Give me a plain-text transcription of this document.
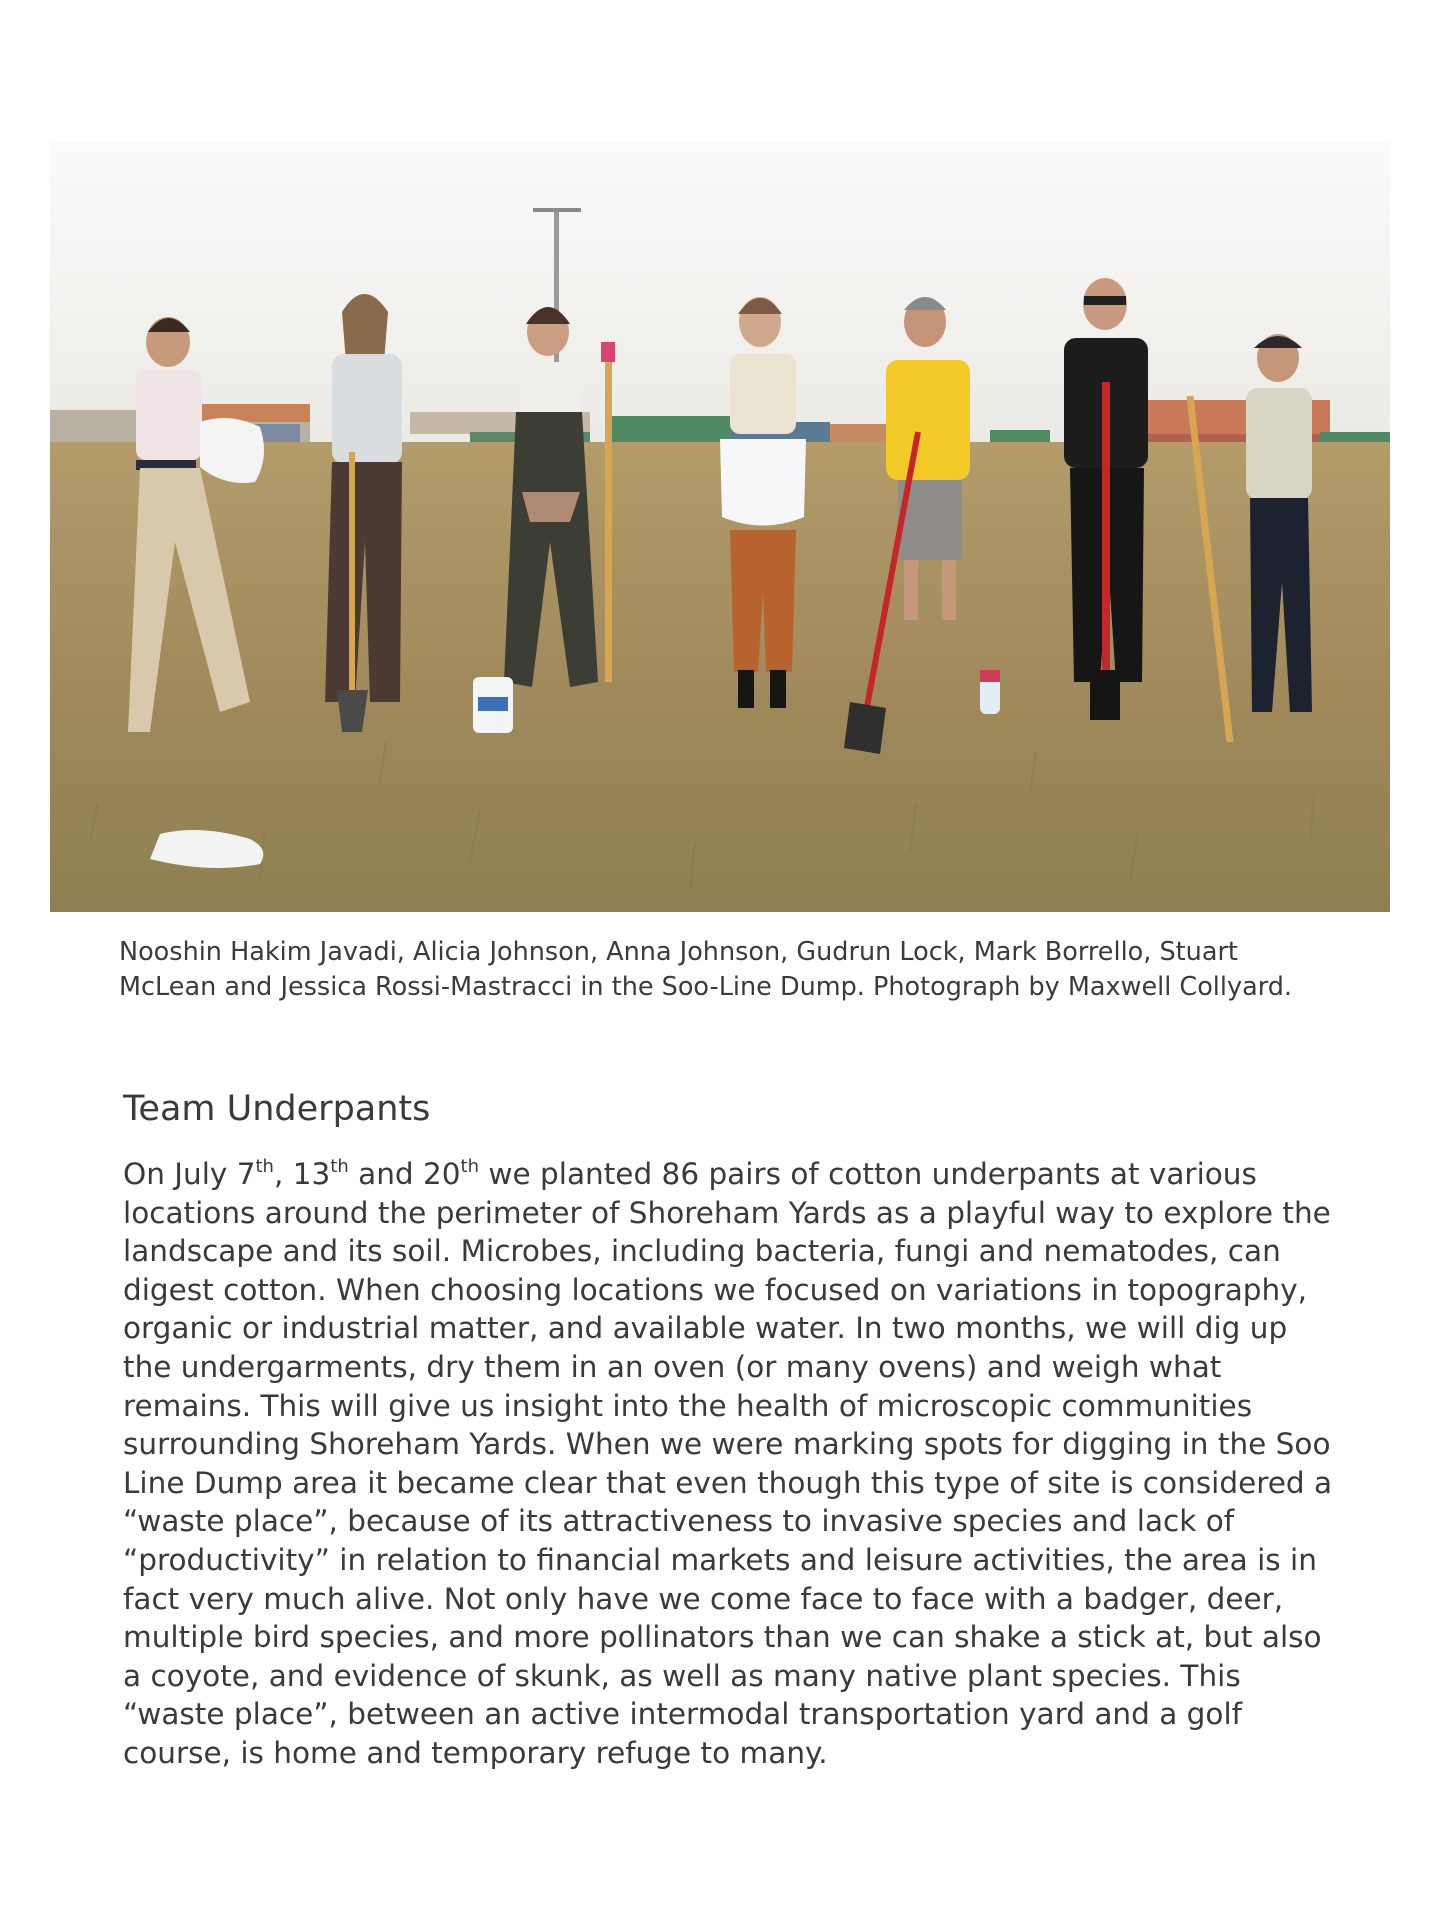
Nooshin Hakim Javadi, Alicia Johnson, Anna Johnson, Gudrun Lock, Mark Borrello, Stuart
McLean and Jessica Rossi-Mastracci in the Soo-Line Dump. Photograph by Maxwell Collyard.

Team Underpants

On July 7th, 13th and 20th we planted 86 pairs of cotton underpants at various locations around the perimeter of Shoreham Yards as a playful way to explore the landscape and its soil. Microbes, including bacteria, fungi and nematodes, can digest cotton. When choosing locations we focused on variations in topography, organic or industrial matter, and available water. In two months, we will dig up the undergarments, dry them in an oven (or many ovens) and weigh what remains. This will give us insight into the health of microscopic communities surrounding Shoreham Yards. When we were marking spots for digging in the Soo Line Dump area it became clear that even though this type of site is considered a “waste place”, because of its attractiveness to invasive species and lack of “productivity” in relation to financial markets and leisure activities, the area is in fact very much alive. Not only have we come face to face with a badger, deer, multiple bird species, and more pollinators than we can shake a stick at, but also a coyote, and evidence of skunk, as well as many native plant species. This “waste place”, between an active intermodal transportation yard and a golf course, is home and temporary refuge to many.
